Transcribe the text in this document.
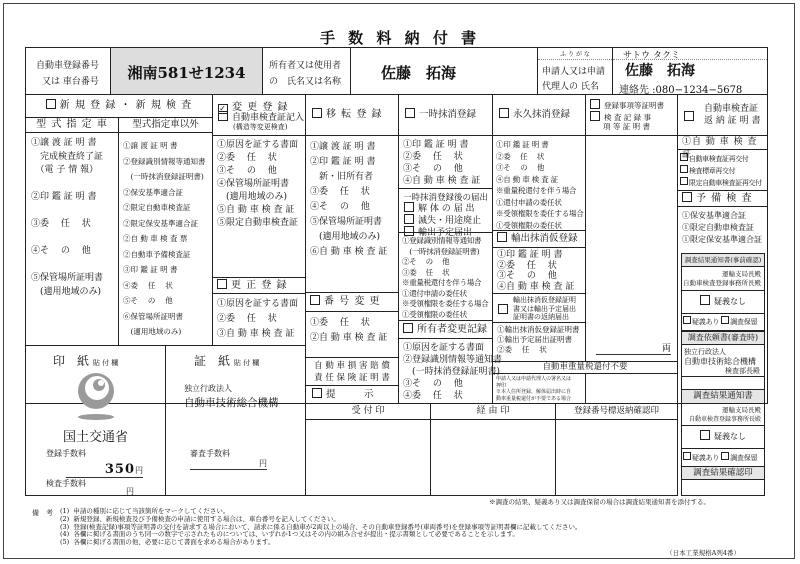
手 数 料 納 付 書
自動車登録番号
又は 車台番号	湘南581せ1234	所有者又は使用者
の　氏名又は名称	佐藤　拓海
ふ り が な
申請人又は申請
代理人の 氏名
サトウ タクミ
佐藤　拓海
連絡先 :080−1234−5678
新 規 登 録 ・ 新 規 検 査
型 式 指 定 車	型式指定車以外
①譲 渡 証 明 書
　完成検査終了証
　（電 子 情 報）

②印 鑑 証 明 書

③委　 任　 状

④そ　 の　 他

⑤保管場所証明書
　(適用地域のみ)
①譲 渡 証 明 書
②登録識別情報等通知書
　(一時抹消登録証明書)
②保安基準適合証
②限定自動車検査証
②限定保安基準適合証
②自 動 車 検 査 票
②自動車予備検査証
③印 鑑 証 明 書
④委　 任　 状
⑤そ　 の　 他
⑥保管場所証明書
　(適用地域のみ)
✓ 変 更 登 録
自動車検査証記入
(構造等変更検査)
①原因を証する書面
②委　 任　 状
③そ　 の　 他
④保管場所証明書
　(適用地域のみ)
⑤自 動 車 検 査 証
⑤限定自動車検査証
更 正 登 録
①原因を証する書面
②委　 任　 状
③自 動 車 検 査 証
移 転 登 録
①譲 渡 証 明 書
②印 鑑 証 明 書
　新・旧所有者
③委　 任　 状
④そ　 の　 他
⑤保管場所証明書
　(適用地域のみ)
⑥自 動 車 検 査 証
番 号 変 更
①委　 任　 状
②自 動 車 検 査 証
自 動 車 損 害 賠 償
責 任 保 険 証 明 書
提　　　示
一時抹消登録
①印 鑑 証 明 書
②委　 任　 状
③そ　 の　 他
④自 動 車 検 査 証
一時抹消登録後の届出
解 体 の 届 出
滅失・用途廃止
輸出予定届出
①登録識別情報等通知書
　(一時抹消登録証明書)
②そ　 の　 他
③委　 任　 状
※重量税還付を伴う場合
①還付申請の委任状
※受領権限を委任する場合
①受領権限の委任状
所有者変更記録
①原因を証する書面
②登録識別情報等通知書
　(一時抹消登録証明書)
③そ　 の　 他
④委　 任　 状
永久抹消登録
①印 鑑 証 明 書
②委　 任　 状
③そ　 の　 他
④自 動 車 検 査 証
※重量税還付を伴う場合
①還付申請の委任状
※受領権限を委任する場合
①受領権限の委任状
輸出抹消仮登録
①印 鑑 証 明 書
②委　 任　 状
③そ　 の　 他
④自 動 車 検 査 証
輸出抹消仮登録証明
書又は輸出予定届出
証明書の返納届出
①輸出抹消仮登録証明書
①輸出予定届出証明書
②委　 任　 状
登録事項等証明書
検 査 記 録 事
項 等 証 明 書
両
自動車重量税還付不要
申請人又は申請代理人の署名又は
押印
※本人住所登録、解体届出時に自
動車重量税還付が不要である場合
自動車検査証
返 納 証 明 書
①自 動 車 検 査 証
自動車検査証再交付
検査標章再交付
限定自動車検査証再交付
予 備 検 査
①保安基準適合証
①限定自動車検査証
①限定保安基準適合証
調査結果通知書(事前確認)
運輸支局長殿
自動車検査登録事務所長殿
疑義なし
疑義あり 調査保留
調査依頼書(審査時)
独立行政法人
自動車技術総合機構
検査部長殿
調査結果通知書
運輸支局長殿
自動車検査登録事務所長殿
疑義なし
疑義あり 調査保留
調査結果確認印
印　紙 貼 付 欄
国土交通省
登録手数料
350円
検査手数料
円
証　紙 貼 付 欄
独立行政法人
自動車技術総合機構
審査手数料
円
受 付 印	経 由 印	登録番号標返納確認印
※調査の結果、疑義あり又は調査保留の場合は調査結果通知書を添付する。
備　考 (1)  申請の種別に応じて当該箇所をマークしてください。
(2)  新規登録、新規検査及び予備検査の申請に使用する場合は、車台番号を記入してください。
(3)  登録(検査記録)事項等証明書の交付を請求する場合において、請求に係る自動車が2両以上の場合、その自動車登録番号(車両番号)を登録事項等証明書欄に記載してください。
(4)  各欄に掲げる書面のうち同一の数字で示されたものについては、いずれか1つ又はその内の組み合せが提出・提示書類として必要であることを示します。
(5)  各欄に掲げる書面の他、必要に応じて書面を求める場合があります。
（日本工業規格A列4番）
